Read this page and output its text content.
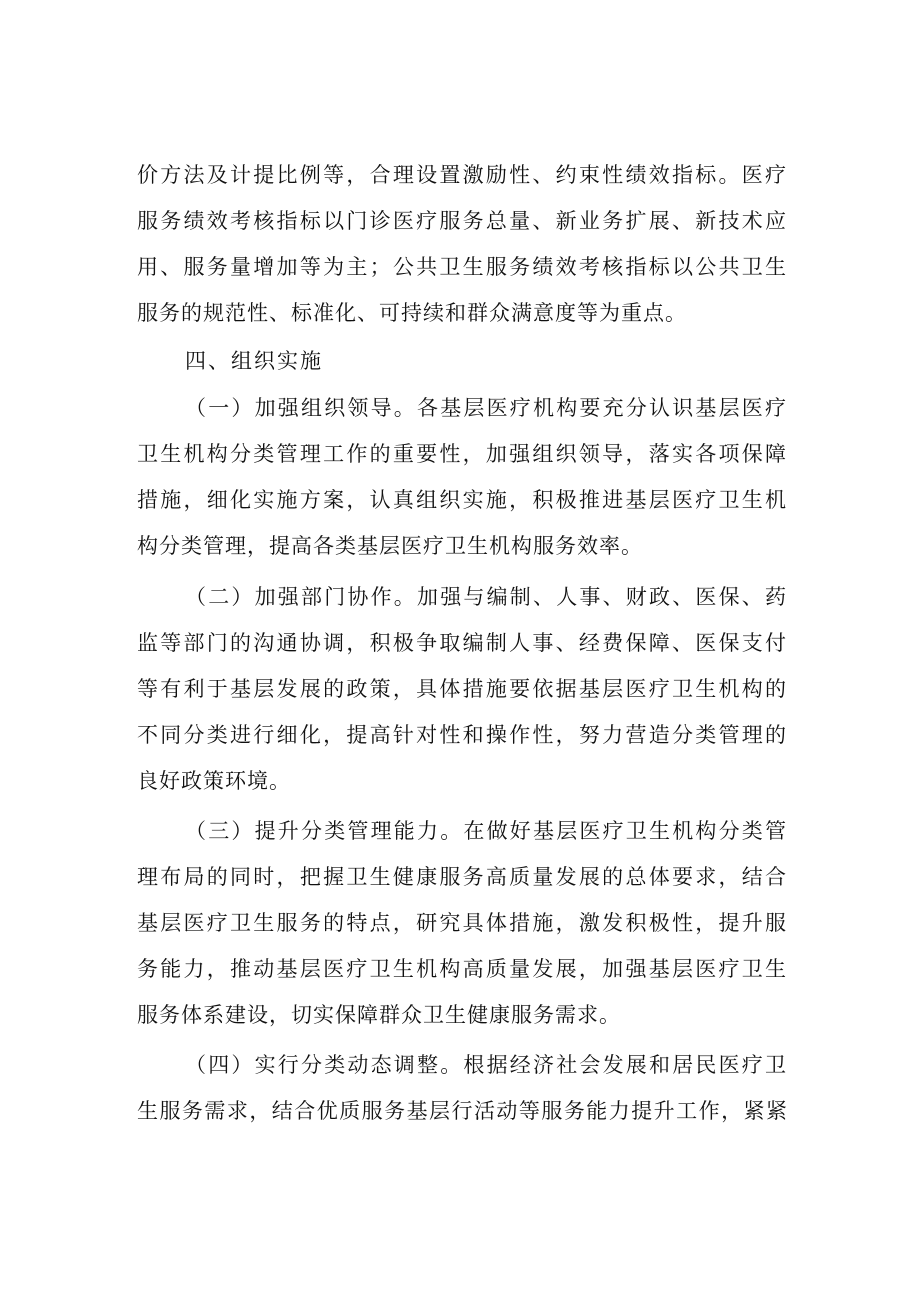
价方法及计提比例等，合理设置激励性、约束性绩效指标。医疗
服务绩效考核指标以门诊医疗服务总量、新业务扩展、新技术应
用、服务量增加等为主；公共卫生服务绩效考核指标以公共卫生
服务的规范性、标准化、可持续和群众满意度等为重点。
四、组织实施
（一）加强组织领导。各基层医疗机构要充分认识基层医疗
卫生机构分类管理工作的重要性，加强组织领导，落实各项保障
措施，细化实施方案，认真组织实施，积极推进基层医疗卫生机
构分类管理，提高各类基层医疗卫生机构服务效率。
（二）加强部门协作。加强与编制、人事、财政、医保、药
监等部门的沟通协调，积极争取编制人事、经费保障、医保支付
等有利于基层发展的政策，具体措施要依据基层医疗卫生机构的
不同分类进行细化，提高针对性和操作性，努力营造分类管理的
良好政策环境。
（三）提升分类管理能力。在做好基层医疗卫生机构分类管
理布局的同时，把握卫生健康服务高质量发展的总体要求，结合
基层医疗卫生服务的特点，研究具体措施，激发积极性，提升服
务能力，推动基层医疗卫生机构高质量发展，加强基层医疗卫生
服务体系建设，切实保障群众卫生健康服务需求。
（四）实行分类动态调整。根据经济社会发展和居民医疗卫
生服务需求，结合优质服务基层行活动等服务能力提升工作，紧紧
